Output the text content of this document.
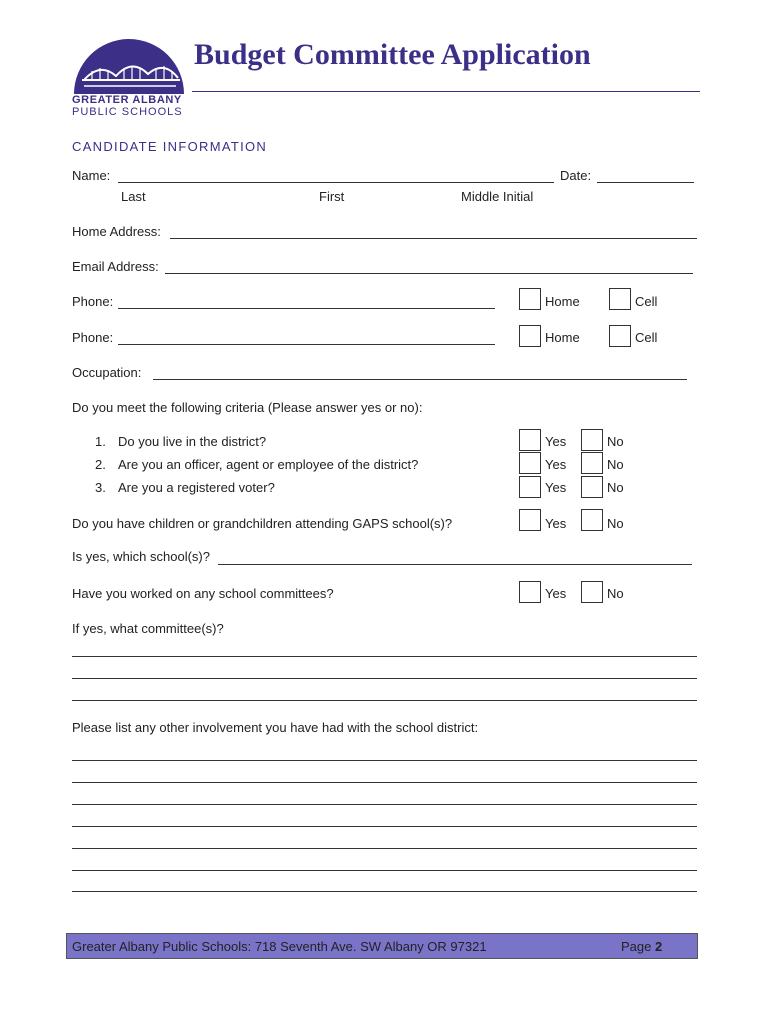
GREATER ALBANY
PUBLIC SCHOOLS
Budget Committee Application
CANDIDATE INFORMATION
Name:	Date:
Last	First	Middle Initial
Home Address:
Email Address:
Phone:	Home	Cell
Phone:	Home	Cell
Occupation:
Do you meet the following criteria (Please answer yes or no):
1. Do you live in the district?	Yes	No
2. Are you an officer, agent or employee of the district?	Yes	No
3. Are you a registered voter?	Yes	No
Do you have children or grandchildren attending GAPS school(s)?	Yes	No
Is yes, which school(s)?
Have you worked on any school committees?	Yes	No
If yes, what committee(s)?
Please list any other involvement you have had with the school district:
Greater Albany Public Schools: 718 Seventh Ave. SW Albany OR 97321	Page 2
